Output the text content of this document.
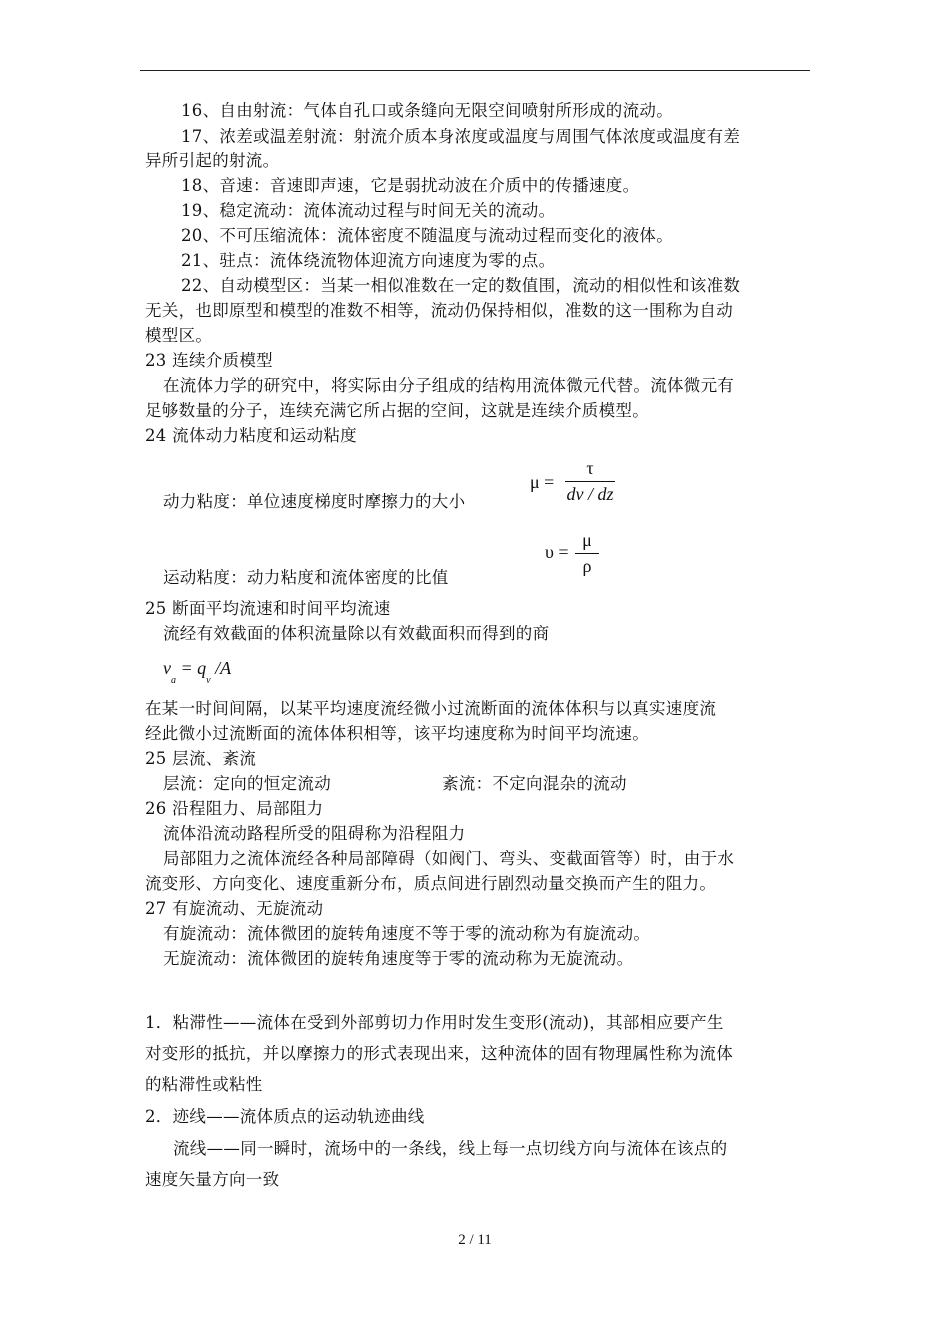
16、自由射流：气体自孔口或条缝向无限空间喷射所形成的流动。
17、浓差或温差射流：射流介质本身浓度或温度与周围气体浓度或温度有差
异所引起的射流。
18、音速：音速即声速，它是弱扰动波在介质中的传播速度。
19、稳定流动：流体流动过程与时间无关的流动。
20、不可压缩流体：流体密度不随温度与流动过程而变化的液体。
21、驻点：流体绕流物体迎流方向速度为零的点。
22、自动模型区：当某一相似准数在一定的数值围，流动的相似性和该准数
无关，也即原型和模型的准数不相等，流动仍保持相似，准数的这一围称为自动
模型区。
23 连续介质模型
在流体力学的研究中，将实际由分子组成的结构用流体微元代替。流体微元有
足够数量的分子，连续充满它所占据的空间，这就是连续介质模型。
24 流体动力粘度和运动粘度
动力粘度：单位速度梯度时摩擦力的大小
μ =
τ
dv / dz
运动粘度：动力粘度和流体密度的比值
υ =
μ
ρ
25 断面平均流速和时间平均流速
流经有效截面的体积流量除以有效截面积而得到的商
$v_a = q_v$ /A
在某一时间间隔，以某平均速度流经微小过流断面的流体体积与以真实速度流
经此微小过流断面的流体体积相等，该平均速度称为时间平均流速。
25 层流、紊流
层流：定向的恒定流动	紊流：不定向混杂的流动
26 沿程阻力、局部阻力
流体沿流动路程所受的阻碍称为沿程阻力
局部阻力之流体流经各种局部障碍（如阀门、弯头、变截面管等）时，由于水
流变形、方向变化、速度重新分布，质点间进行剧烈动量交换而产生的阻力。
27 有旋流动、无旋流动
有旋流动：流体微团的旋转角速度不等于零的流动称为有旋流动。
无旋流动：流体微团的旋转角速度等于零的流动称为无旋流动。
1．粘滞性——流体在受到外部剪切力作用时发生变形(流动)，其部相应要产生
对变形的抵抗，并以摩擦力的形式表现出来，这种流体的固有物理属性称为流体
的粘滞性或粘性
2．迹线——流体质点的运动轨迹曲线
流线——同一瞬时，流场中的一条线，线上每一点切线方向与流体在该点的
速度矢量方向一致
2 / 11
